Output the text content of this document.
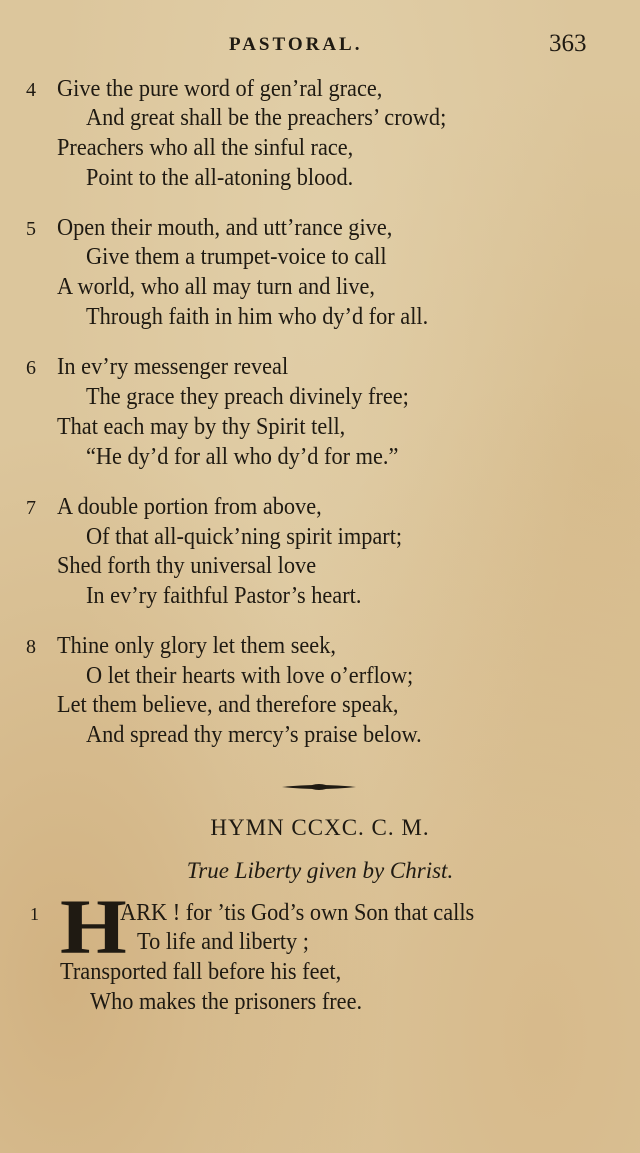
PASTORAL.	363
4 Give the pure word of gen’ral grace,
And great shall be the preachers’ crowd;
Preachers who all the sinful race,
Point to the all-atoning blood.
5 Open their mouth, and utt’rance give,
Give them a trumpet-voice to call
A world, who all may turn and live,
Through faith in him who dy’d for all.
6 In ev’ry messenger reveal
The grace they preach divinely free;
That each may by thy Spirit tell,
“He dy’d for all who dy’d for me.”
7 A double portion from above,
Of that all-quick’ning spirit impart;
Shed forth thy universal love
In ev’ry faithful Pastor’s heart.
8 Thine only glory let them seek,
O let their hearts with love o’erflow;
Let them believe, and therefore speak,
And spread thy mercy’s praise below.
HYMN CCXC. C. M.
True Liberty given by Christ.
1 H
ARK ! for ’tis God’s own Son that calls
To life and liberty ;
Transported fall before his feet,
Who makes the prisoners free.
